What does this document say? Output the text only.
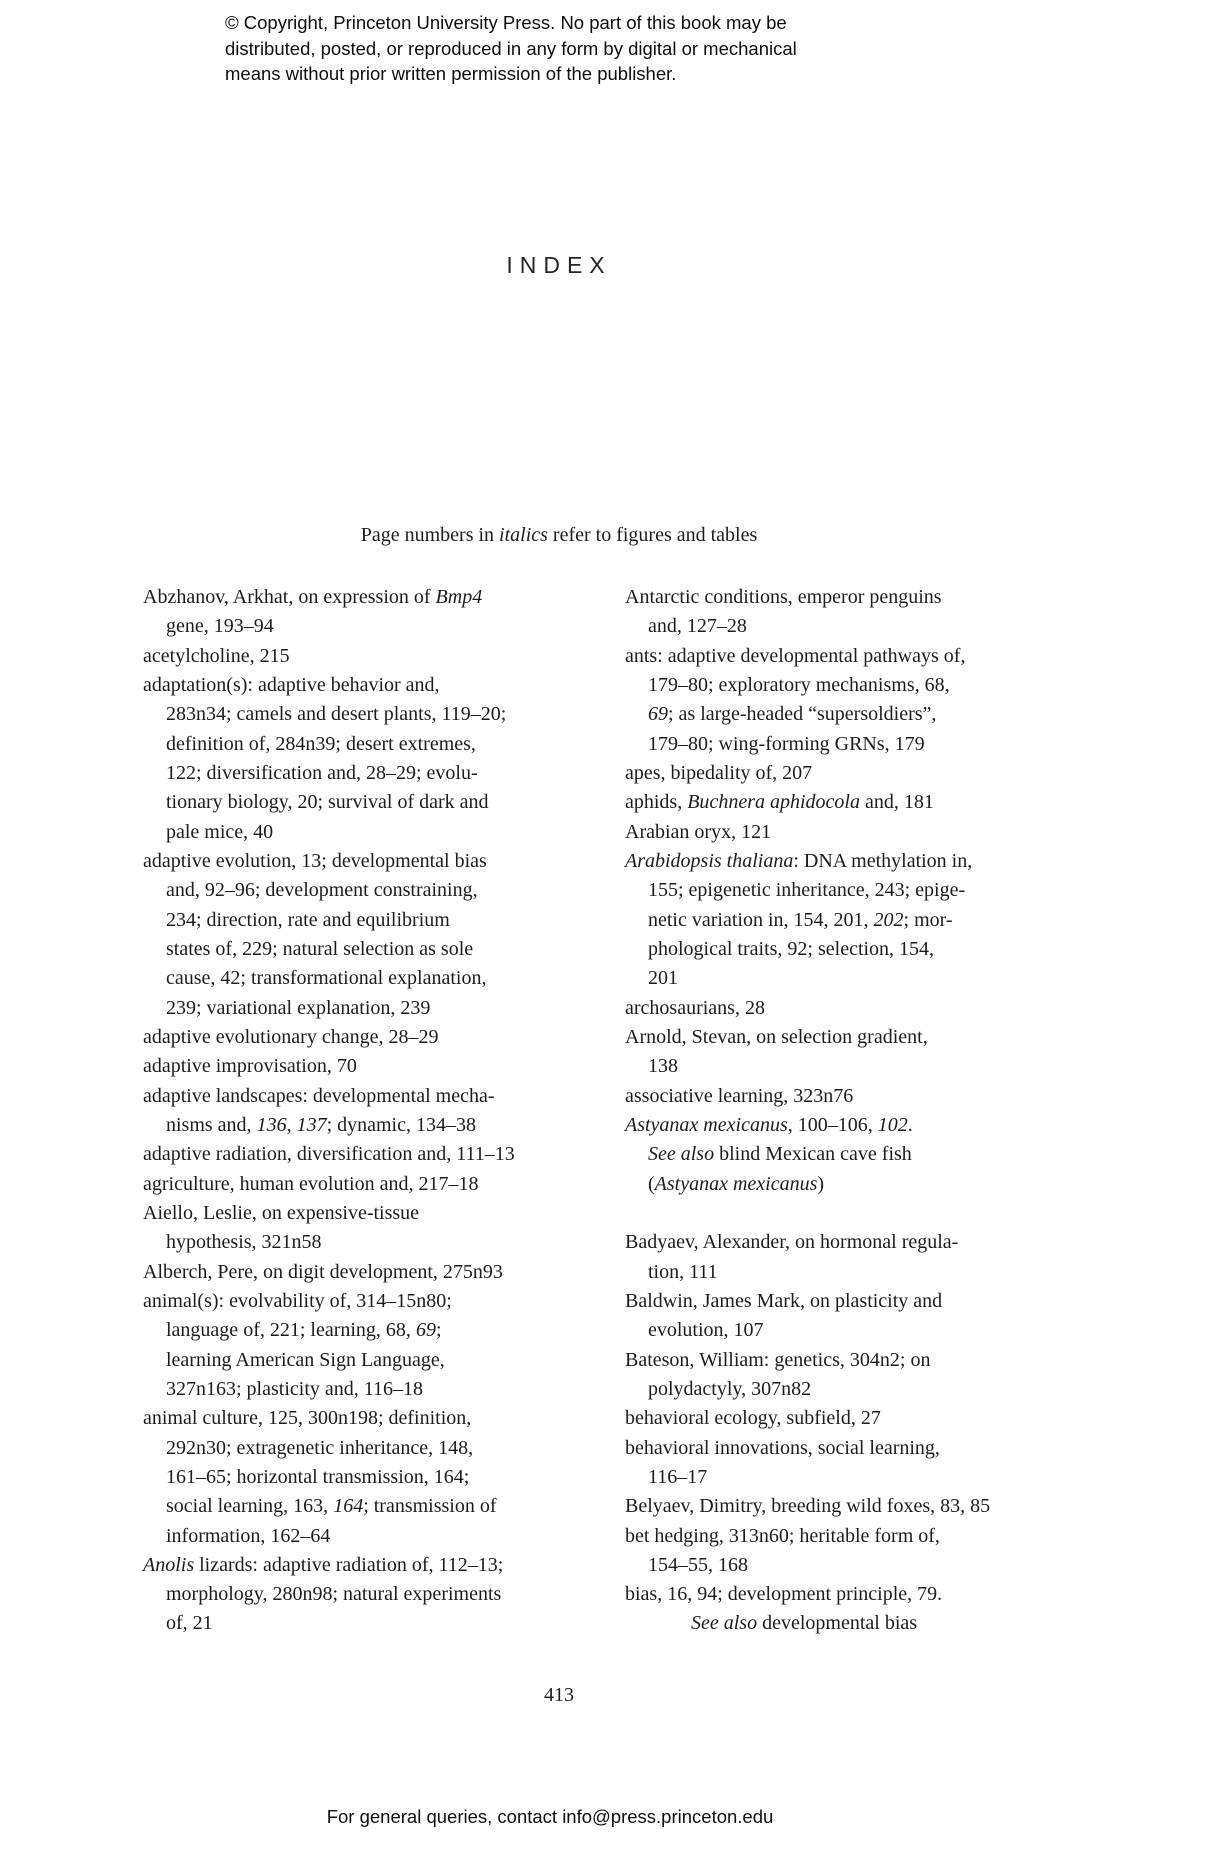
© Copyright, Princeton University Press. No part of this book may be
distributed, posted, or reproduced in any form by digital or mechanical
means without prior written permission of the publisher.
INDEX
Page numbers in italics refer to figures and tables
Abzhanov, Arkhat, on expression of Bmp4
gene, 193–94
acetylcholine, 215
adaptation(s): adaptive behavior and,
283n34; camels and desert plants, 119–20;
definition of, 284n39; desert extremes,
122; diversification and, 28–29; evolu-
tionary biology, 20; survival of dark and
pale mice, 40
adaptive evolution, 13; developmental bias
and, 92–96; development constraining,
234; direction, rate and equilibrium
states of, 229; natural selection as sole
cause, 42; transformational explanation,
239; variational explanation, 239
adaptive evolutionary change, 28–29
adaptive improvisation, 70
adaptive landscapes: developmental mecha-
nisms and, 136, 137; dynamic, 134–38
adaptive radiation, diversification and, 111–13
agriculture, human evolution and, 217–18
Aiello, Leslie, on expensive-tissue
hypothesis, 321n58
Alberch, Pere, on digit development, 275n93
animal(s): evolvability of, 314–15n80;
language of, 221; learning, 68, 69;
learning American Sign Language,
327n163; plasticity and, 116–18
animal culture, 125, 300n198; definition,
292n30; extragenetic inheritance, 148,
161–65; horizontal transmission, 164;
social learning, 163, 164; transmission of
information, 162–64
Anolis lizards: adaptive radiation of, 112–13;
morphology, 280n98; natural experiments
of, 21
Antarctic conditions, emperor penguins
and, 127–28
ants: adaptive developmental pathways of,
179–80; exploratory mechanisms, 68,
69; as large-headed “supersoldiers”,
179–80; wing-forming GRNs, 179
apes, bipedality of, 207
aphids, Buchnera aphidocola and, 181
Arabian oryx, 121
Arabidopsis thaliana: DNA methylation in,
155; epigenetic inheritance, 243; epige-
netic variation in, 154, 201, 202; mor-
phological traits, 92; selection, 154,
201
archosaurians, 28
Arnold, Stevan, on selection gradient,
138
associative learning, 323n76
Astyanax mexicanus, 100–106, 102.
See also blind Mexican cave fish
(Astyanax mexicanus)
Badyaev, Alexander, on hormonal regula-
tion, 111
Baldwin, James Mark, on plasticity and
evolution, 107
Bateson, William: genetics, 304n2; on
polydactyly, 307n82
behavioral ecology, subfield, 27
behavioral innovations, social learning,
116–17
Belyaev, Dimitry, breeding wild foxes, 83, 85
bet hedging, 313n60; heritable form of,
154–55, 168
bias, 16, 94; development principle, 79.
See also developmental bias
413
For general queries, contact info@press.princeton.edu
